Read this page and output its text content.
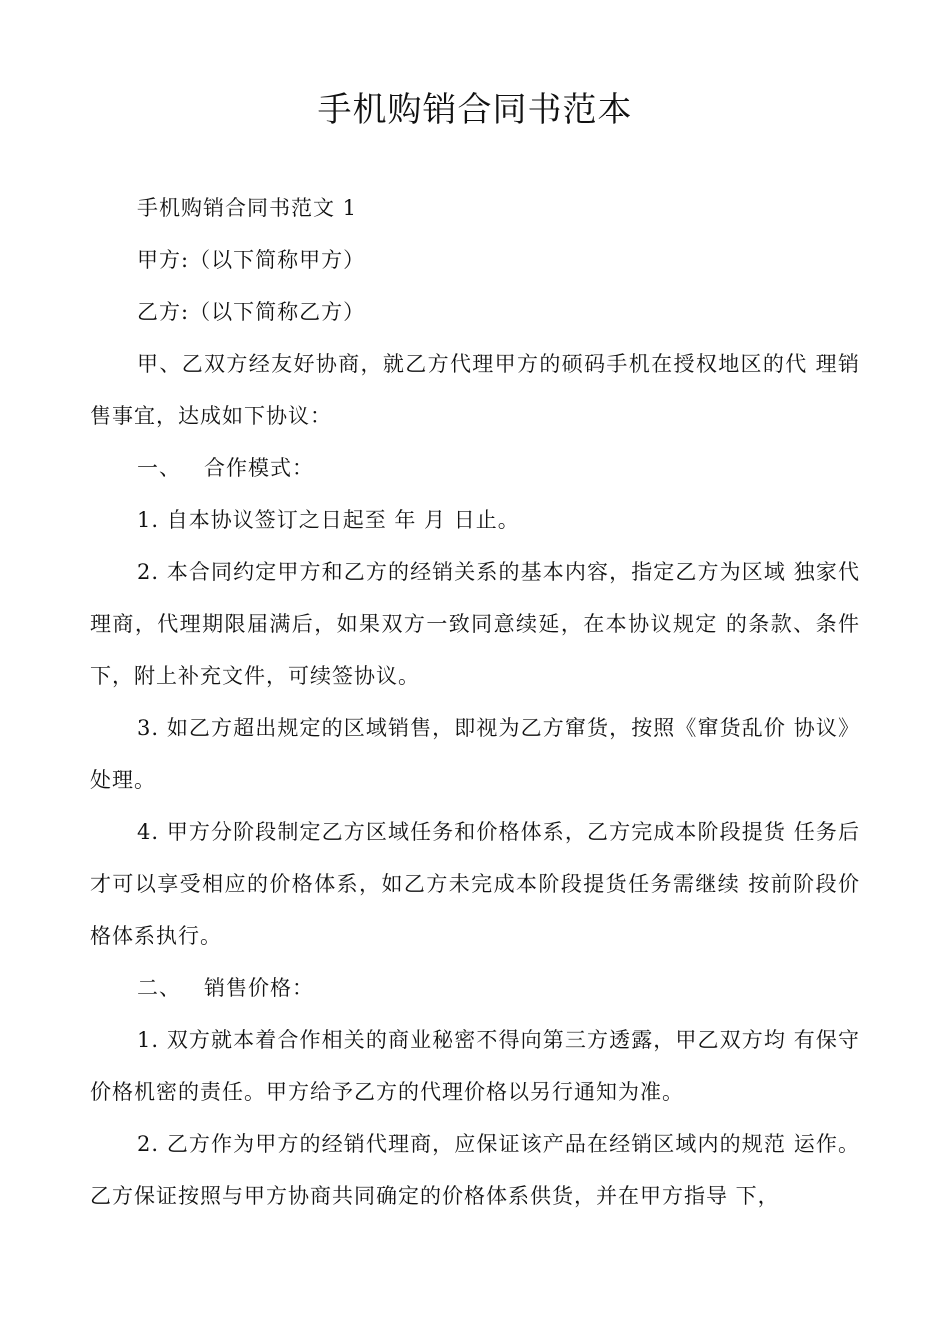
手机购销合同书范本

手机购销合同书范文 1

甲方:（以下简称甲方）

乙方:（以下简称乙方）

甲、乙双方经友好协商，就乙方代理甲方的硕码手机在授权地区的代 理销售事宜，达成如下协议：

一、   合作模式：

1. 自本协议签订之日起至 年 月 日止。

2. 本合同约定甲方和乙方的经销关系的基本内容，指定乙方为区域 独家代理商，代理期限届满后，如果双方一致同意续延，在本协议规定 的条款、条件下，附上补充文件，可续签协议。

3. 如乙方超出规定的区域销售，即视为乙方窜货，按照《窜货乱价 协议》处理。

4. 甲方分阶段制定乙方区域任务和价格体系，乙方完成本阶段提货 任务后才可以享受相应的价格体系，如乙方未完成本阶段提货任务需继续 按前阶段价格体系执行。

二、   销售价格：

1. 双方就本着合作相关的商业秘密不得向第三方透露，甲乙双方均 有保守价格机密的责任。甲方给予乙方的代理价格以另行通知为准。

2. 乙方作为甲方的经销代理商，应保证该产品在经销区域内的规范 运作。乙方保证按照与甲方协商共同确定的价格体系供货，并在甲方指导 下，
